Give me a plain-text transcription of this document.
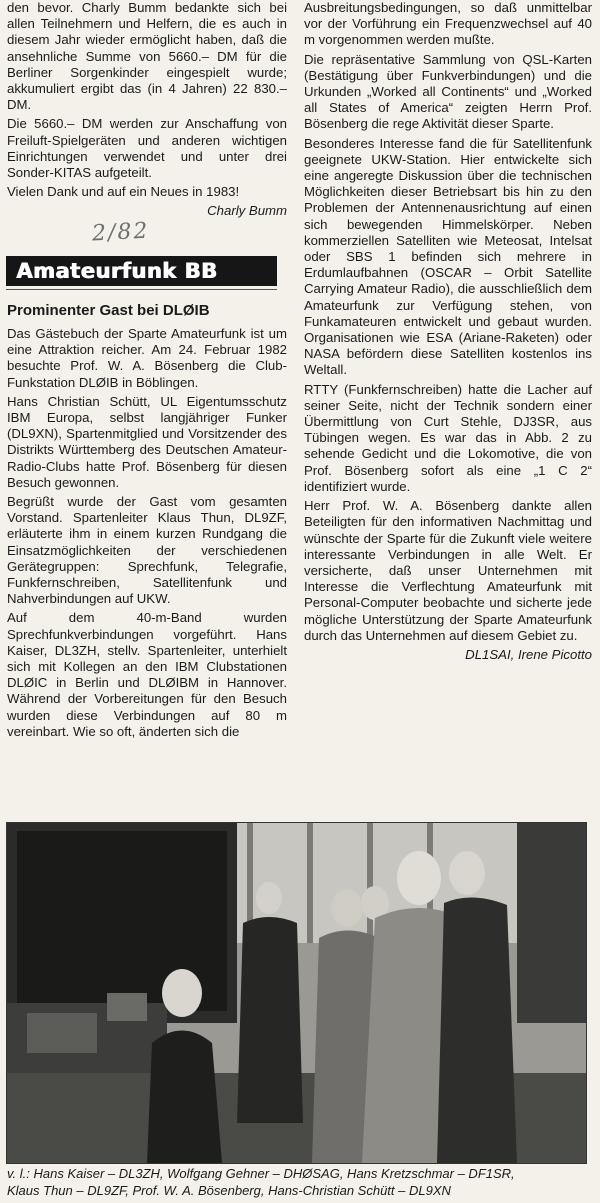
den bevor. Charly Bumm bedankte sich bei allen Teilnehmern und Helfern, die es auch in diesem Jahr wieder ermöglicht haben, daß die ansehnliche Summe von 5660.– DM für die Berliner Sorgenkinder eingespielt wurde; akkumuliert ergibt das (in 4 Jahren) 22 830.– DM.

Die 5660.– DM werden zur Anschaffung von Freiluft-Spielgeräten und anderen wichtigen Einrichtungen verwendet und unter drei Sonder-KITAS aufgeteilt.

Vielen Dank und auf ein Neues in 1983!

Charly Bumm
2/82
Amateurfunk BB
Prominenter Gast bei DLØIB

Das Gästebuch der Sparte Amateurfunk ist um eine Attraktion reicher. Am 24. Februar 1982 besuchte Prof. W. A. Bösenberg die Club-Funkstation DLØIB in Böblingen.

Hans Christian Schütt, UL Eigentumsschutz IBM Europa, selbst langjähriger Funker (DL9XN), Spartenmitglied und Vorsitzender des Distrikts Württemberg des Deutschen Amateur-Radio-Clubs hatte Prof. Bösenberg für diesen Besuch gewonnen.

Begrüßt wurde der Gast vom gesamten Vorstand. Spartenleiter Klaus Thun, DL9ZF, erläuterte ihm in einem kurzen Rundgang die Einsatzmöglichkeiten der verschiedenen Gerätegruppen: Sprechfunk, Telegrafie, Funkfernschreiben, Satellitenfunk und Nahverbindungen auf UKW.

Auf dem 40-m-Band wurden Sprechfunkverbindungen vorgeführt. Hans Kaiser, DL3ZH, stellv. Spartenleiter, unterhielt sich mit Kollegen an den IBM Clubstationen DLØIC in Berlin und DLØIBM in Hannover. Während der Vorbereitungen für den Besuch wurden diese Verbindungen auf 80 m vereinbart. Wie so oft, änderten sich die

Ausbreitungsbedingungen, so daß unmittelbar vor der Vorführung ein Frequenzwechsel auf 40 m vorgenommen werden mußte.

Die repräsentative Sammlung von QSL-Karten (Bestätigung über Funkverbindungen) und die Urkunden „Worked all Continents“ und „Worked all States of America“ zeigten Herrn Prof. Bösenberg die rege Aktivität dieser Sparte.

Besonderes Interesse fand die für Satellitenfunk geeignete UKW-Station. Hier entwickelte sich eine angeregte Diskussion über die technischen Möglichkeiten dieser Betriebsart bis hin zu den Problemen der Antennenausrichtung auf einen sich bewegenden Himmelskörper. Neben kommerziellen Satelliten wie Meteosat, Intelsat oder SBS 1 befinden sich mehrere in Erdumlaufbahnen (OSCAR – Orbit Satellite Carrying Amateur Radio), die ausschließlich dem Amateurfunk zur Verfügung stehen, von Funkamateuren entwickelt und gebaut wurden. Organisationen wie ESA (Ariane-Raketen) oder NASA befördern diese Satelliten kostenlos ins Weltall.

RTTY (Funkfernschreiben) hatte die Lacher auf seiner Seite, nicht der Technik sondern einer Übermittlung von Curt Stehle, DJ3SR, aus Tübingen wegen. Es war das in Abb. 2 zu sehende Gedicht und die Lokomotive, die von Prof. Bösenberg sofort als eine „1 C 2“ identifiziert wurde.

Herr Prof. W. A. Bösenberg dankte allen Beteiligten für den informativen Nachmittag und wünschte der Sparte für die Zukunft viele weitere interessante Verbindungen in alle Welt. Er versicherte, daß unser Unternehmen mit Interesse die Verflechtung Amateurfunk mit Personal-Computer beobachte und sicherte jede mögliche Unterstützung der Sparte Amateurfunk durch das Unternehmen auf diesem Gebiet zu.

DL1SAI, Irene Picotto
v. l.: Hans Kaiser – DL3ZH, Wolfgang Gehner – DHØSAG, Hans Kretzschmar – DF1SR,
Klaus Thun – DL9ZF, Prof. W. A. Bösenberg, Hans-Christian Schütt – DL9XN
